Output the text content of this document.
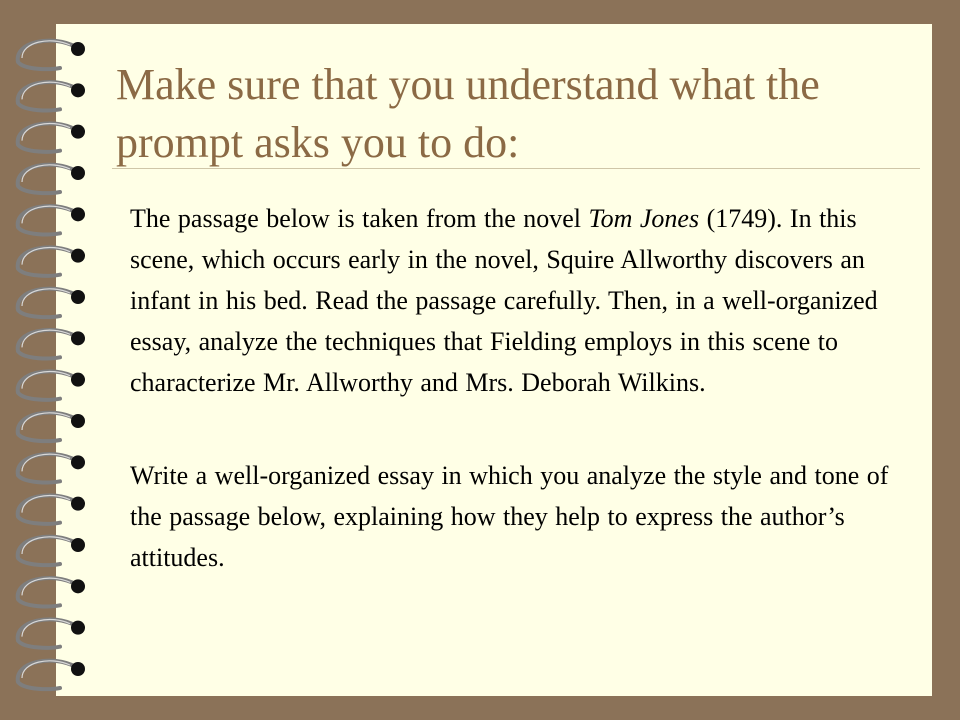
Make sure that you understand what the prompt asks you to do:

The passage below is taken from the novel Tom Jones (1749). In this scene, which occurs early in the novel, Squire Allworthy discovers an infant in his bed. Read the passage carefully. Then, in a well-organized essay, analyze the techniques that Fielding employs in this scene to characterize Mr. Allworthy and Mrs. Deborah Wilkins.

Write a well-organized essay in which you analyze the style and tone of the passage below, explaining how they help to express the author’s attitudes.
